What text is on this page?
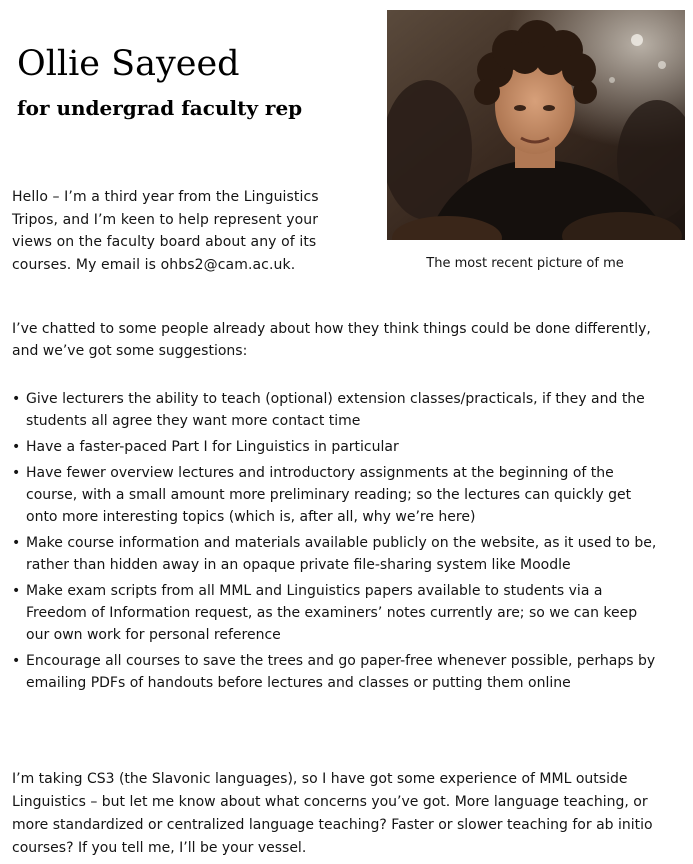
Ollie Sayeed
for undergrad faculty rep

Hello – I’m a third year from the Linguistics Tripos, and I’m keen to help represent your views on the faculty board about any of its courses. My email is ohbs2@cam.ac.uk.	The most recent picture of me

I’ve chatted to some people already about how they think things could be done differently, and we’ve got some suggestions:

• Give lecturers the ability to teach (optional) extension classes/practicals, if they and the students all agree they want more contact time
• Have a faster-paced Part I for Linguistics in particular
• Have fewer overview lectures and introductory assignments at the beginning of the course, with a small amount more preliminary reading; so the lectures can quickly get onto more interesting topics (which is, after all, why we’re here)
• Make course information and materials available publicly on the website, as it used to be, rather than hidden away in an opaque private file-sharing system like Moodle
• Make exam scripts from all MML and Linguistics papers available to students via a Freedom of Information request, as the examiners’ notes currently are; so we can keep our own work for personal reference
• Encourage all courses to save the trees and go paper-free whenever possible, perhaps by emailing PDFs of handouts before lectures and classes or putting them online

I’m taking CS3 (the Slavonic languages), so I have got some experience of MML outside Linguistics – but let me know about what concerns you’ve got. More language teaching, or more standardized or centralized language teaching? Faster or slower teaching for ab initio courses? If you tell me, I’ll be your vessel.
